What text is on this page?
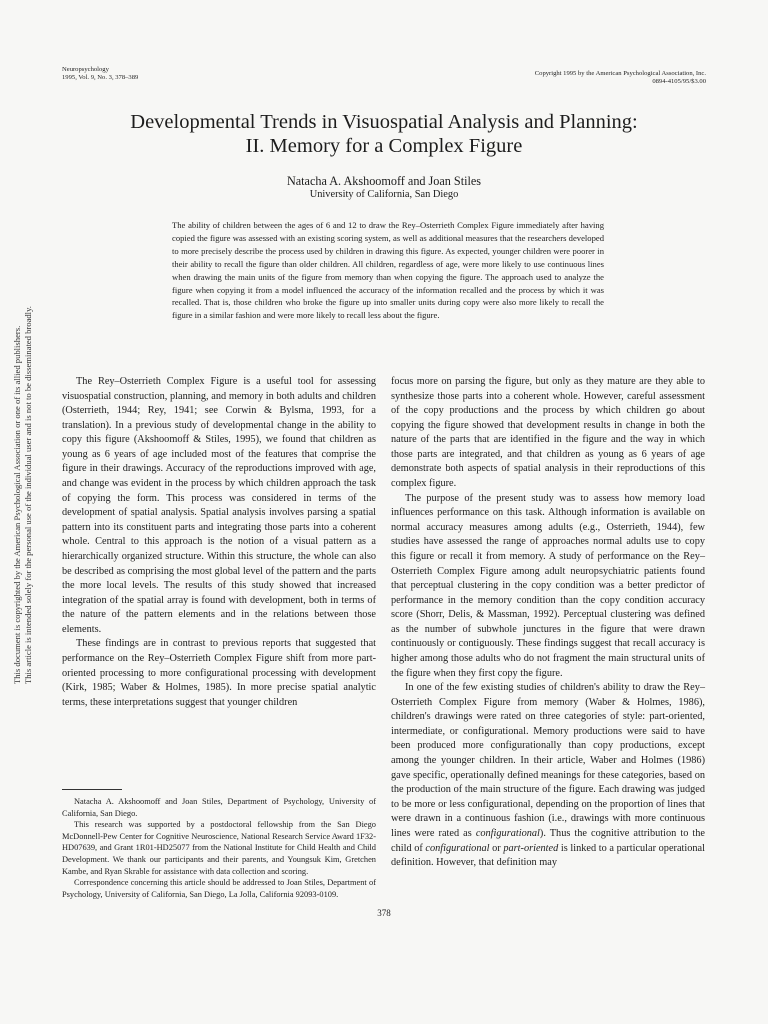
Neuropsychology
1995, Vol. 9, No. 3, 378–389
Copyright 1995 by the American Psychological Association, Inc.
0894-4105/95/$3.00
Developmental Trends in Visuospatial Analysis and Planning:
II. Memory for a Complex Figure
Natacha A. Akshoomoff and Joan Stiles
University of California, San Diego
The ability of children between the ages of 6 and 12 to draw the Rey–Osterrieth Complex Figure immediately after having copied the figure was assessed with an existing scoring system, as well as additional measures that the researchers developed to more precisely describe the process used by children in drawing this figure. As expected, younger children were poorer in their ability to recall the figure than older children. All children, regardless of age, were more likely to use continuous lines when drawing the main units of the figure from memory than when copying the figure. The approach used to analyze the figure when copying it from a model influenced the accuracy of the information recalled and the process by which it was recalled. That is, those children who broke the figure up into smaller units during copy were also more likely to recall the figure in a similar fashion and were more likely to recall less about the figure.
This document is copyrighted by the American Psychological Association or one of its allied publishers. This article is intended solely for the personal use of the individual user and is not to be disseminated broadly.	The Rey–Osterrieth Complex Figure is a useful tool for assessing visuospatial construction, planning, and memory in both adults and children (Osterrieth, 1944; Rey, 1941; see Corwin & Bylsma, 1993, for a translation). In a previous study of developmental change in the ability to copy this figure (Akshoomoff & Stiles, 1995), we found that children as young as 6 years of age included most of the features that comprise the figure in their drawings. Accuracy of the reproductions improved with age, and change was evident in the process by which children approach the task of copying the form. This process was considered in terms of the development of spatial analysis. Spatial analysis involves parsing a spatial pattern into its constituent parts and integrating those parts into a coherent whole. Central to this approach is the notion of a visual pattern as a hierarchically organized structure. Within this structure, the whole can also be described as comprising the most global level of the pattern and the parts the more local levels. The results of this study showed that increased integration of the spatial array is found with development, both in terms of the nature of the pattern elements and in the relations between those elements.

These findings are in contrast to previous reports that suggested that performance on the Rey–Osterrieth Complex Figure shift from more part-oriented processing to more configurational processing with development (Kirk, 1985; Waber & Holmes, 1985). In more precise spatial analytic terms, these interpretations suggest that younger children

focus more on parsing the figure, but only as they mature are they able to synthesize those parts into a coherent whole. However, careful assessment of the copy productions and the process by which children go about copying the figure showed that development results in change in both the nature of the parts that are identified in the figure and the way in which those parts are integrated, and that children as young as 6 years of age demonstrate both aspects of spatial analysis in their reproductions of this complex figure.

The purpose of the present study was to assess how memory load influences performance on this task. Although information is available on normal accuracy measures among adults (e.g., Osterrieth, 1944), few studies have assessed the range of approaches normal adults use to copy this figure or recall it from memory. A study of performance on the Rey–Osterrieth Complex Figure among adult neuropsychiatric patients found that perceptual clustering in the copy condition was a better predictor of performance in the memory condition than the copy condition accuracy score (Shorr, Delis, & Massman, 1992). Perceptual clustering was defined as the number of subwhole junctures in the figure that were drawn continuously or contiguously. These findings suggest that recall accuracy is higher among those adults who do not fragment the main structural units of the figure when they first copy the figure.

In one of the few existing studies of children's ability to draw the Rey–Osterrieth Complex Figure from memory (Waber & Holmes, 1986), children's drawings were rated on three categories of style: part-oriented, intermediate, or configurational. Memory productions were said to have been produced more configurationally than copy productions, except among the younger children. In their article, Waber and Holmes (1986) gave specific, operationally defined meanings for these categories, based on the production of the main structure of the figure. Each drawing was judged to be more or less configurational, depending on the proportion of lines that were drawn in a continuous fashion (i.e., drawings with more continuous lines were rated as configurational). Thus the cognitive attribution to the child of configurational or part-oriented is linked to a particular operational definition. However, that definition may

Natacha A. Akshoomoff and Joan Stiles, Department of Psychology, University of California, San Diego.

This research was supported by a postdoctoral fellowship from the San Diego McDonnell-Pew Center for Cognitive Neuroscience, National Research Service Award 1F32-HD07639, and Grant 1R01-HD25077 from the National Institute for Child Health and Child Development. We thank our participants and their parents, and Youngsuk Kim, Gretchen Kambe, and Ryan Skrable for assistance with data collection and scoring.

Correspondence concerning this article should be addressed to Joan Stiles, Department of Psychology, University of California, San Diego, La Jolla, California 92093-0109.

378
